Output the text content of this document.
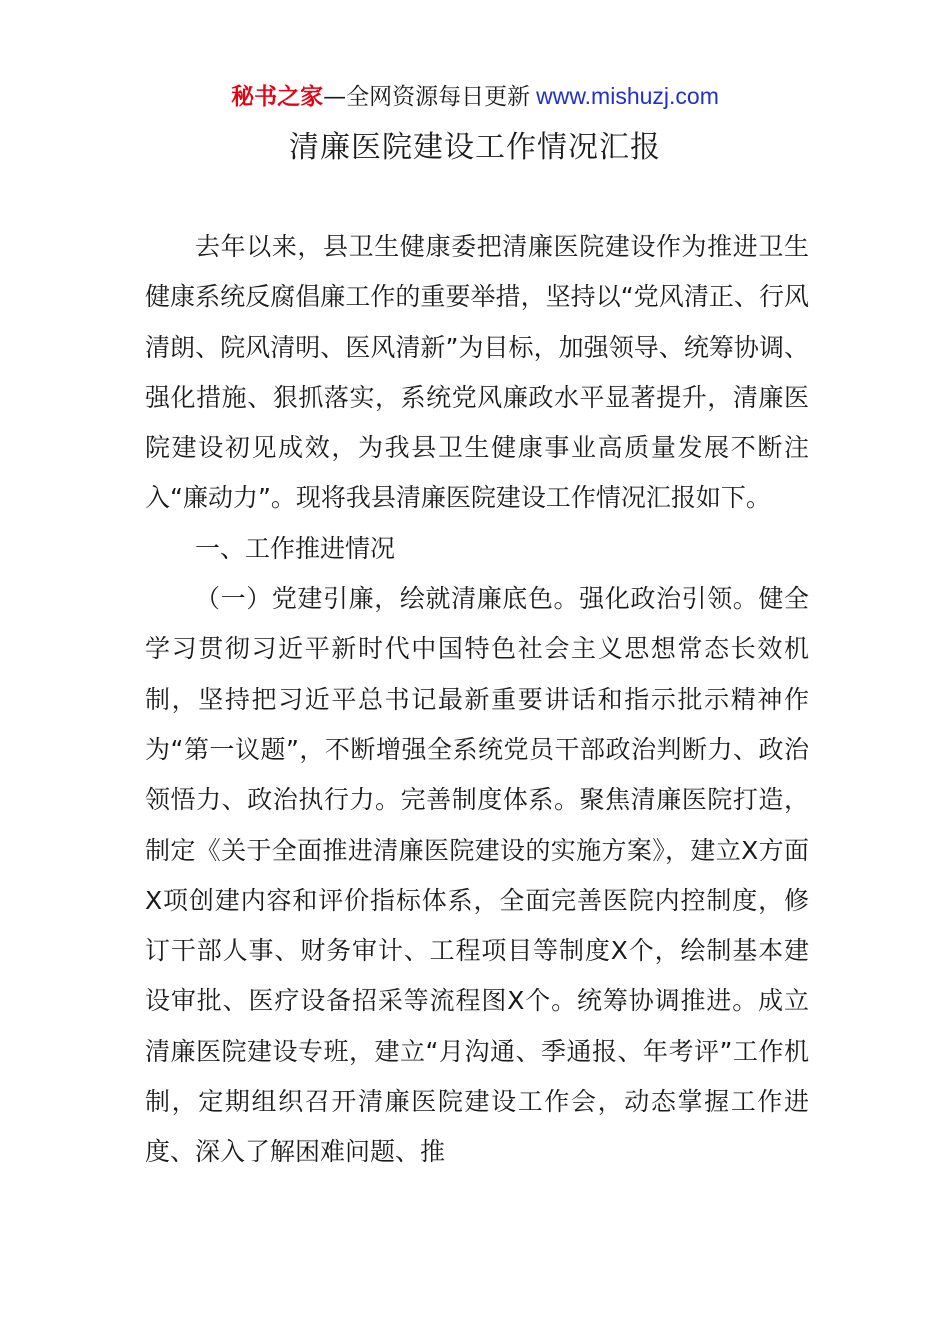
秘书之家—全网资源每日更新 www.mishuzj.com
清廉医院建设工作情况汇报

去年以来，县卫生健康委把清廉医院建设作为推进卫生健康系统反腐倡廉工作的重要举措，坚持以“党风清正、行风清朗、院风清明、医风清新”为目标，加强领导、统筹协调、强化措施、狠抓落实，系统党风廉政水平显著提升，清廉医院建设初见成效，为我县卫生健康事业高质量发展不断注入“廉动力”。现将我县清廉医院建设工作情况汇报如下。

一、工作推进情况

（一）党建引廉，绘就清廉底色。强化政治引领。健全学习贯彻习近平新时代中国特色社会主义思想常态长效机制，坚持把习近平总书记最新重要讲话和指示批示精神作为“第一议题”，不断增强全系统党员干部政治判断力、政治领悟力、政治执行力。完善制度体系。聚焦清廉医院打造，制定《关于全面推进清廉医院建设的实施方案》，建立X方面X项创建内容和评价指标体系，全面完善医院内控制度，修订干部人事、财务审计、工程项目等制度X个，绘制基本建设审批、医疗设备招采等流程图X个。统筹协调推进。成立清廉医院建设专班，建立“月沟通、季通报、年考评”工作机制，定期组织召开清廉医院建设工作会，动态掌握工作进度、深入了解困难问题、推
